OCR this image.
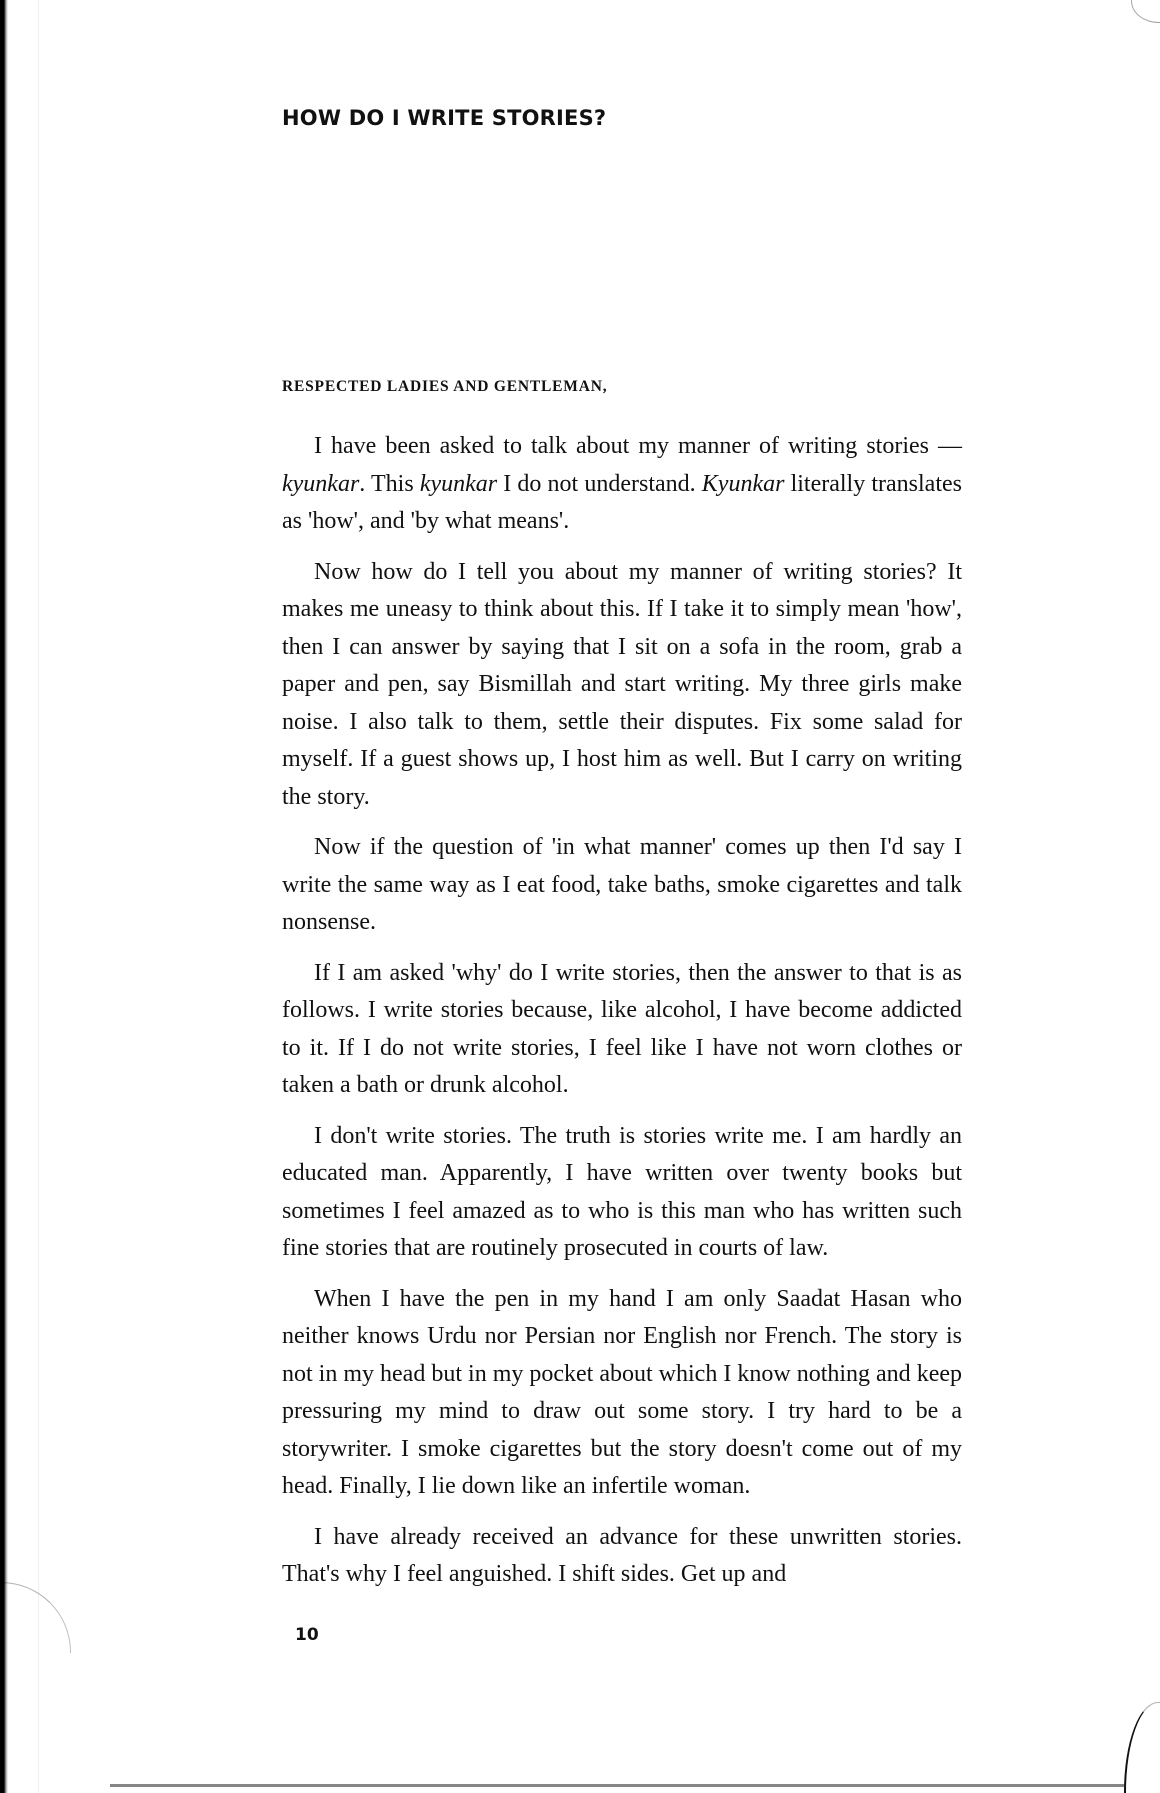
HOW DO I WRITE STORIES?
RESPECTED LADIES AND GENTLEMAN,

I have been asked to talk about my manner of writing stories —kyunkar. This kyunkar I do not understand. Kyunkar literally translates as 'how', and 'by what means'.

Now how do I tell you about my manner of writing stories? It makes me uneasy to think about this. If I take it to simply mean 'how', then I can answer by saying that I sit on a sofa in the room, grab a paper and pen, say Bismillah and start writing. My three girls make noise. I also talk to them, settle their disputes. Fix some salad for myself. If a guest shows up, I host him as well. But I carry on writing the story.

Now if the question of 'in what manner' comes up then I'd say I write the same way as I eat food, take baths, smoke cigarettes and talk nonsense.

If I am asked 'why' do I write stories, then the answer to that is as follows. I write stories because, like alcohol, I have become addicted to it. If I do not write stories, I feel like I have not worn clothes or taken a bath or drunk alcohol.

I don't write stories. The truth is stories write me. I am hardly an educated man. Apparently, I have written over twenty books but sometimes I feel amazed as to who is this man who has written such fine stories that are routinely prosecuted in courts of law.

When I have the pen in my hand I am only Saadat Hasan who neither knows Urdu nor Persian nor English nor French. The story is not in my head but in my pocket about which I know nothing and keep pressuring my mind to draw out some story. I try hard to be a storywriter. I smoke cigarettes but the story doesn't come out of my head. Finally, I lie down like an infertile woman.

I have already received an advance for these unwritten stories. That's why I feel anguished. I shift sides. Get up and

10
